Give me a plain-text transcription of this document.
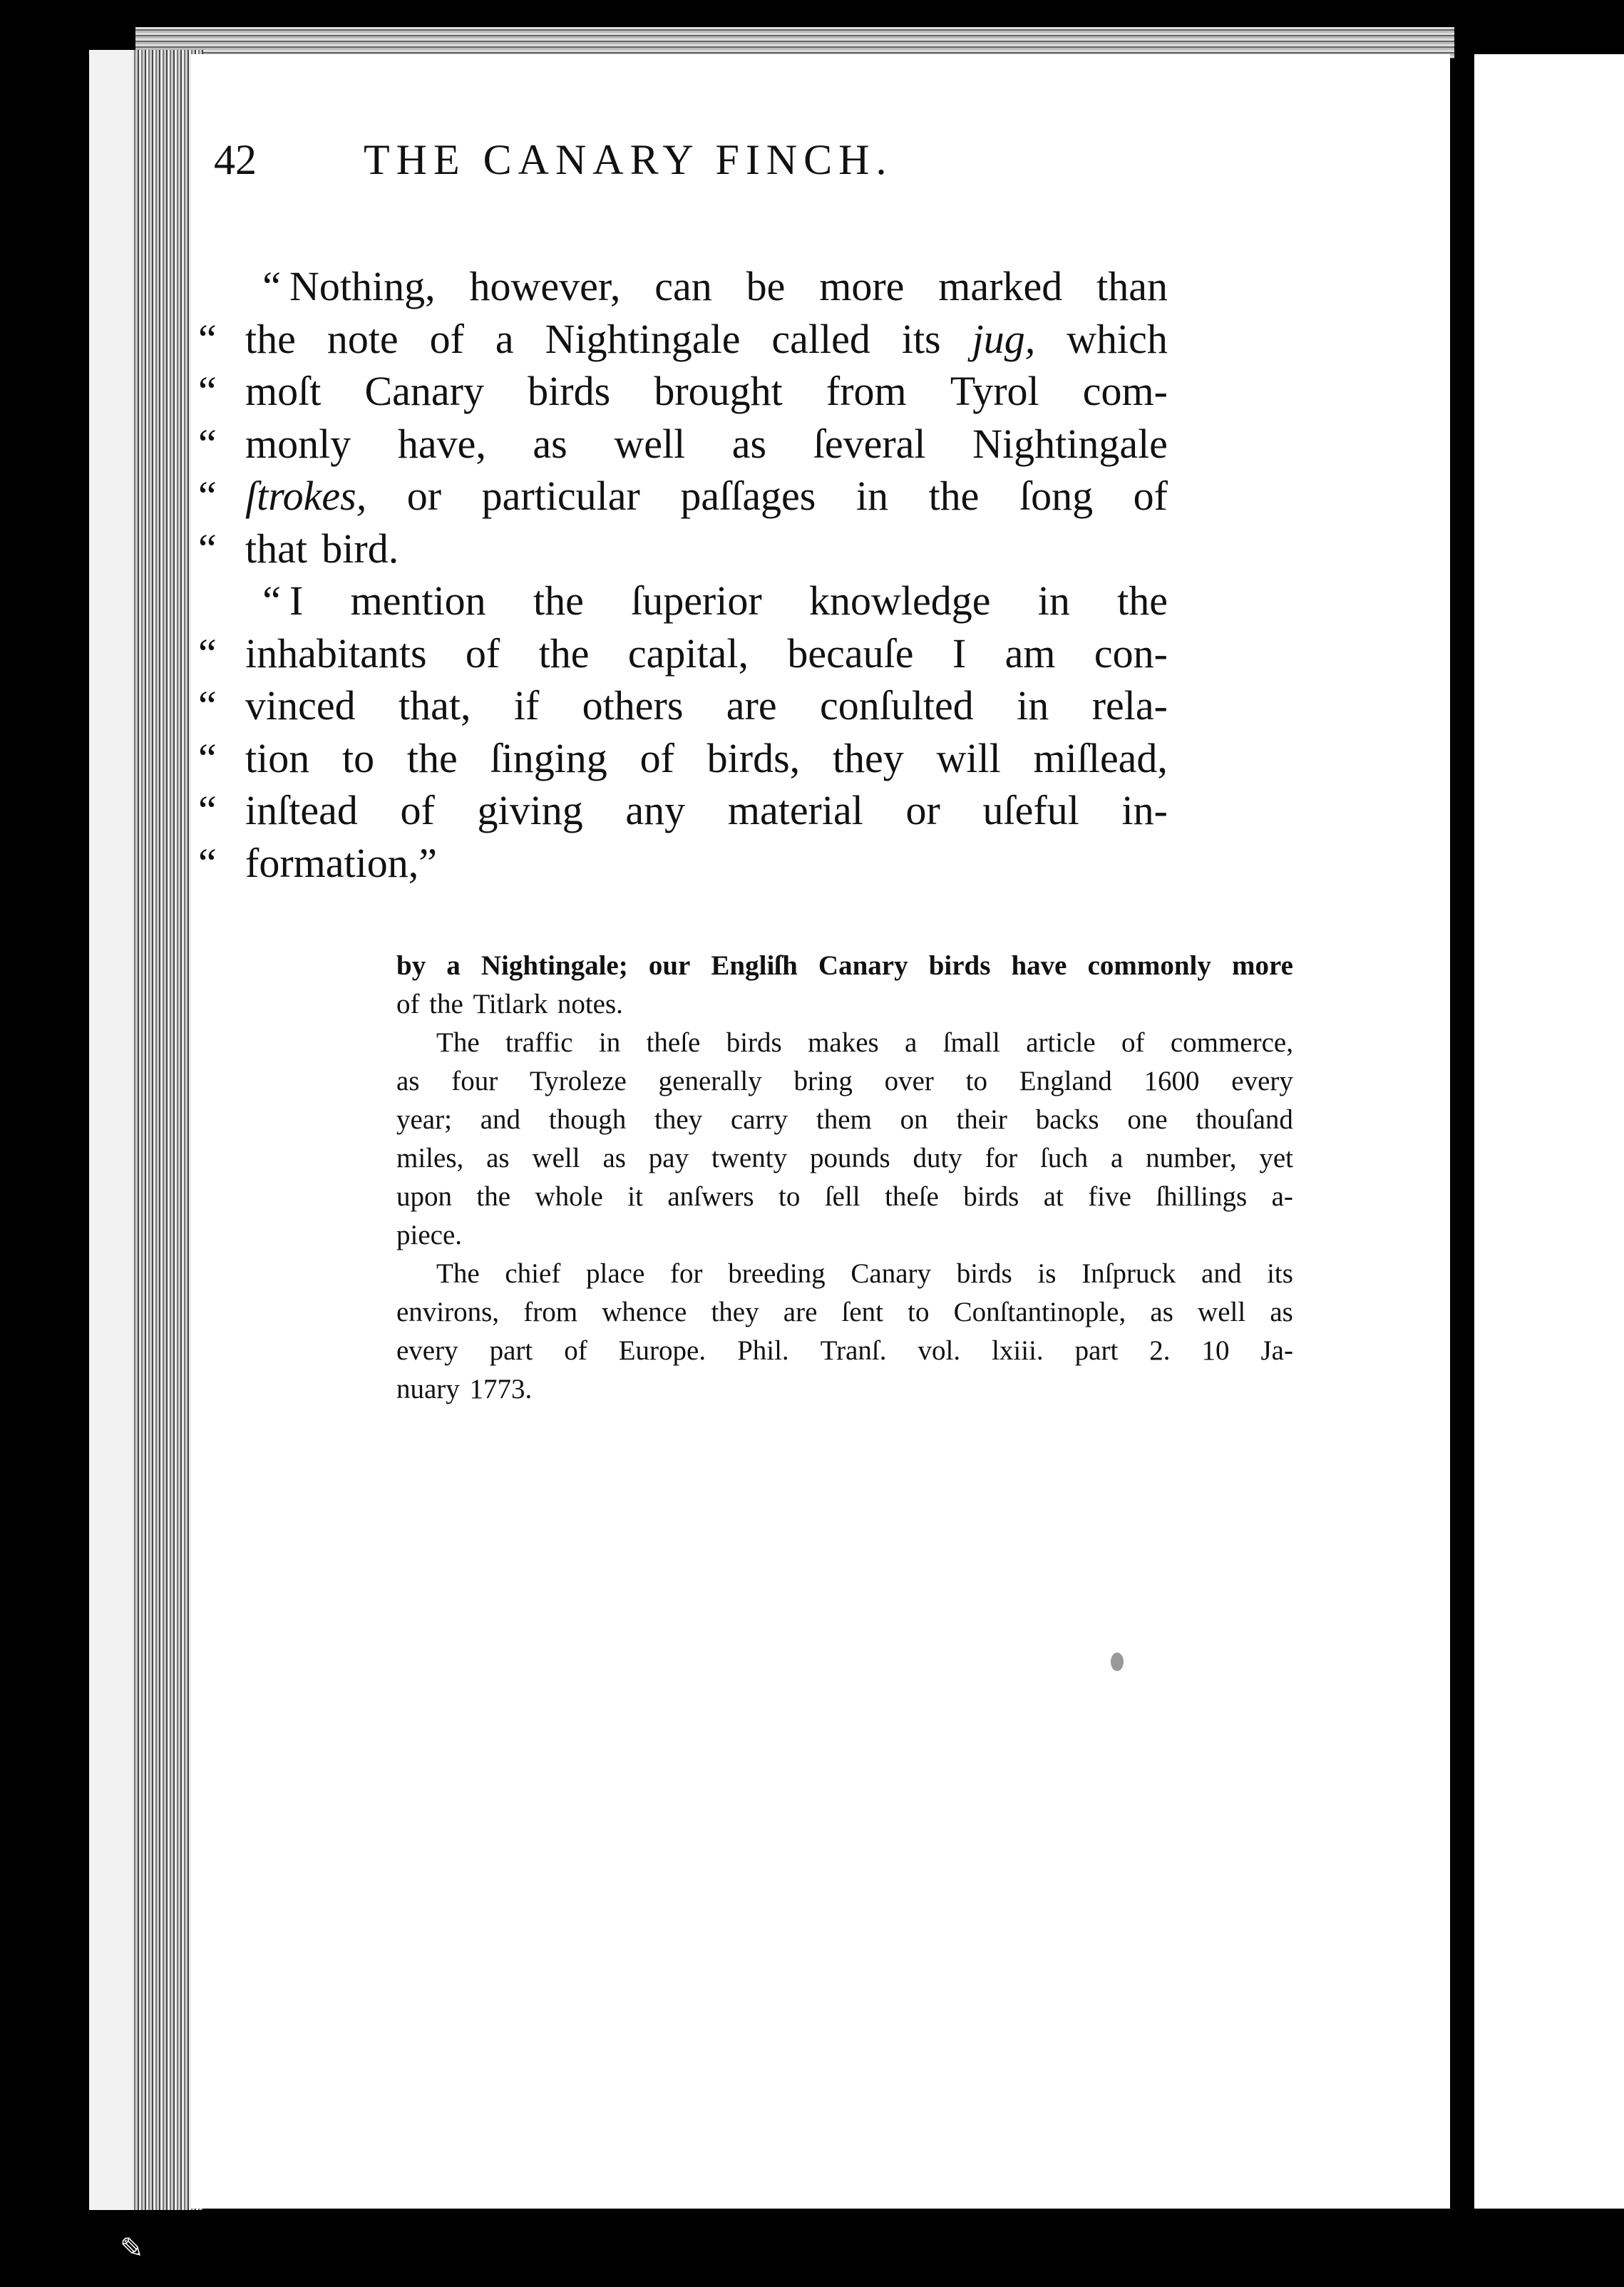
42	THE CANARY FINCH.
“ Nothing, however, can be more marked than
“ the note of a Nightingale called its jug, which
“ moſt Canary birds brought from Tyrol com-
“ monly have, as well as ſeveral Nightingale
“ ſtrokes, or particular paſſages in the ſong of
“ that bird.
“ I mention the ſuperior knowledge in the
“ inhabitants of the capital, becauſe I am con-
“ vinced that, if others are conſulted in rela-
“ tion to the ſinging of birds, they will miſlead,
“ inſtead of giving any material or uſeful in-
“ formation,”
by a Nightingale; our Engliſh Canary birds have commonly more
of the Titlark notes.
The traffic in theſe birds makes a ſmall article of commerce,
as four Tyroleze generally bring over to England 1600 every
year; and though they carry them on their backs one thouſand
miles, as well as pay twenty pounds duty for ſuch a number, yet
upon the whole it anſwers to ſell theſe birds at five ſhillings a-
piece.
The chief place for breeding Canary birds is Inſpruck and its
environs, from whence they are ſent to Conſtantinople, as well as
every part of Europe. Phil. Tranſ. vol. lxiii. part 2. 10 Ja-
nuary 1773.
✎
